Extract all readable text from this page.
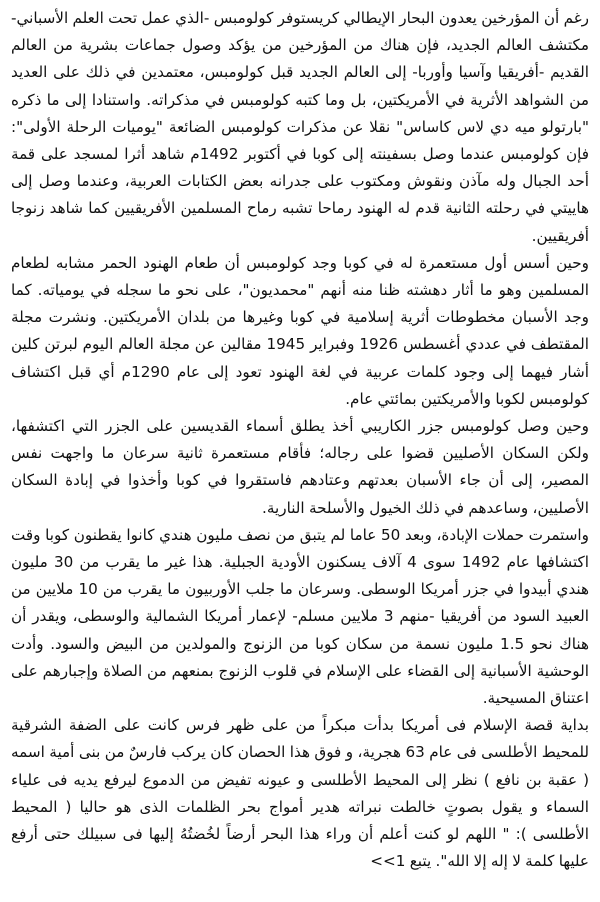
رغم أن المؤرخين يعدون البحار الإيطالي كريستوفر كولومبس -الذي عمل تحت العلم الأسباني- مكتشف العالم الجديد، فإن هناك من المؤرخين من يؤكد وصول جماعات بشرية من العالم القديم -أفريقيا وآسيا وأوربا- إلى العالم الجديد قبل كولومبس، معتمدين في ذلك على العديد من الشواهد الأثرية في الأمريكتين، بل وما كتبه كولومبس في مذكراته. واستنادا إلى ما ذكره "بارتولو ميه دي لاس كاساس" نقلا عن مذكرات كولومبس الضائعة "يوميات الرحلة الأولى": فإن كولومبس عندما وصل بسفينته إلى كوبا في أكتوبر 1492م شاهد أثرا لمسجد على قمة أحد الجبال وله مآذن ونقوش ومكتوب على جدرانه بعض الكتابات العربية، وعندما وصل إلى هاييتي في رحلته الثانية قدم له الهنود رماحا تشبه رماح المسلمين الأفريقيين كما شاهد زنوجا أفريقيين.

وحين أسس أول مستعمرة له في كوبا وجد كولومبس أن طعام الهنود الحمر مشابه لطعام المسلمين وهو ما أثار دهشته ظنا منه أنهم "محمديون"، على نحو ما سجله في يومياته. كما وجد الأسبان مخطوطات أثرية إسلامية في كوبا وغيرها من بلدان الأمريكتين. ونشرت مجلة المقتطف في عددي أغسطس 1926 وفبراير 1945 مقالين عن مجلة العالم اليوم لبرتن كلين أشار فيهما إلى وجود كلمات عربية في لغة الهنود تعود إلى عام 1290م أي قبل اكتشاف كولومبس لكوبا والأمريكتين بمائتي عام.

وحين وصل كولومبس جزر الكاريبي أخذ يطلق أسماء القديسين على الجزر التي اكتشفها، ولكن السكان الأصليين قضوا على رجاله؛ فأقام مستعمرة ثانية سرعان ما واجهت نفس المصير، إلى أن جاء الأسبان بعدتهم وعتادهم فاستقروا في كوبا وأخذوا في إبادة السكان الأصليين، وساعدهم في ذلك الخيول والأسلحة النارية.

واستمرت حملات الإبادة، وبعد 50 عاما لم يتبق من نصف مليون هندي كانوا يقطنون كوبا وقت اكتشافها عام 1492 سوى 4 آلاف يسكنون الأودية الجبلية. هذا غير ما يقرب من 30 مليون هندي أبيدوا في جزر أمريكا الوسطى. وسرعان ما جلب الأوربيون ما يقرب من 10 ملايين من العبيد السود من أفريقيا -منهم 3 ملايين مسلم- لإعمار أمريكا الشمالية والوسطى، ويقدر أن هناك نحو 1.5 مليون نسمة من سكان كوبا من الزنوج والمولدين من البيض والسود. وأدت الوحشية الأسبانية إلى القضاء على الإسلام في قلوب الزنوج بمنعهم من الصلاة وإجبارهم على اعتناق المسيحية.

بداية قصة الإسلام فى أمريكا بدأت مبكراً من على ظهر فرس كانت على الضفة الشرقية للمحيط الأطلسى فى عام 63 هجرية، و فوق هذا الحصان كان يركب فارسٌ من بنى أمية اسمه ( عقبة بن نافع ) نظر إلى المحيط الأطلسى و عيونه تفيض من الدموع ليرفع يديه فى علياء السماء و يقول بصوتٍ خالطت نبراته هدير أمواج بحر الظلمات الذى هو حاليا ( المحيط الأطلسى ): " اللهم لو كنت أعلم أن وراء هذا البحر أرضاً لخُضتُهُ إليها فى سبيلك حتى أرفع عليها كلمة لا إله إلا الله". يتبع 1>>
